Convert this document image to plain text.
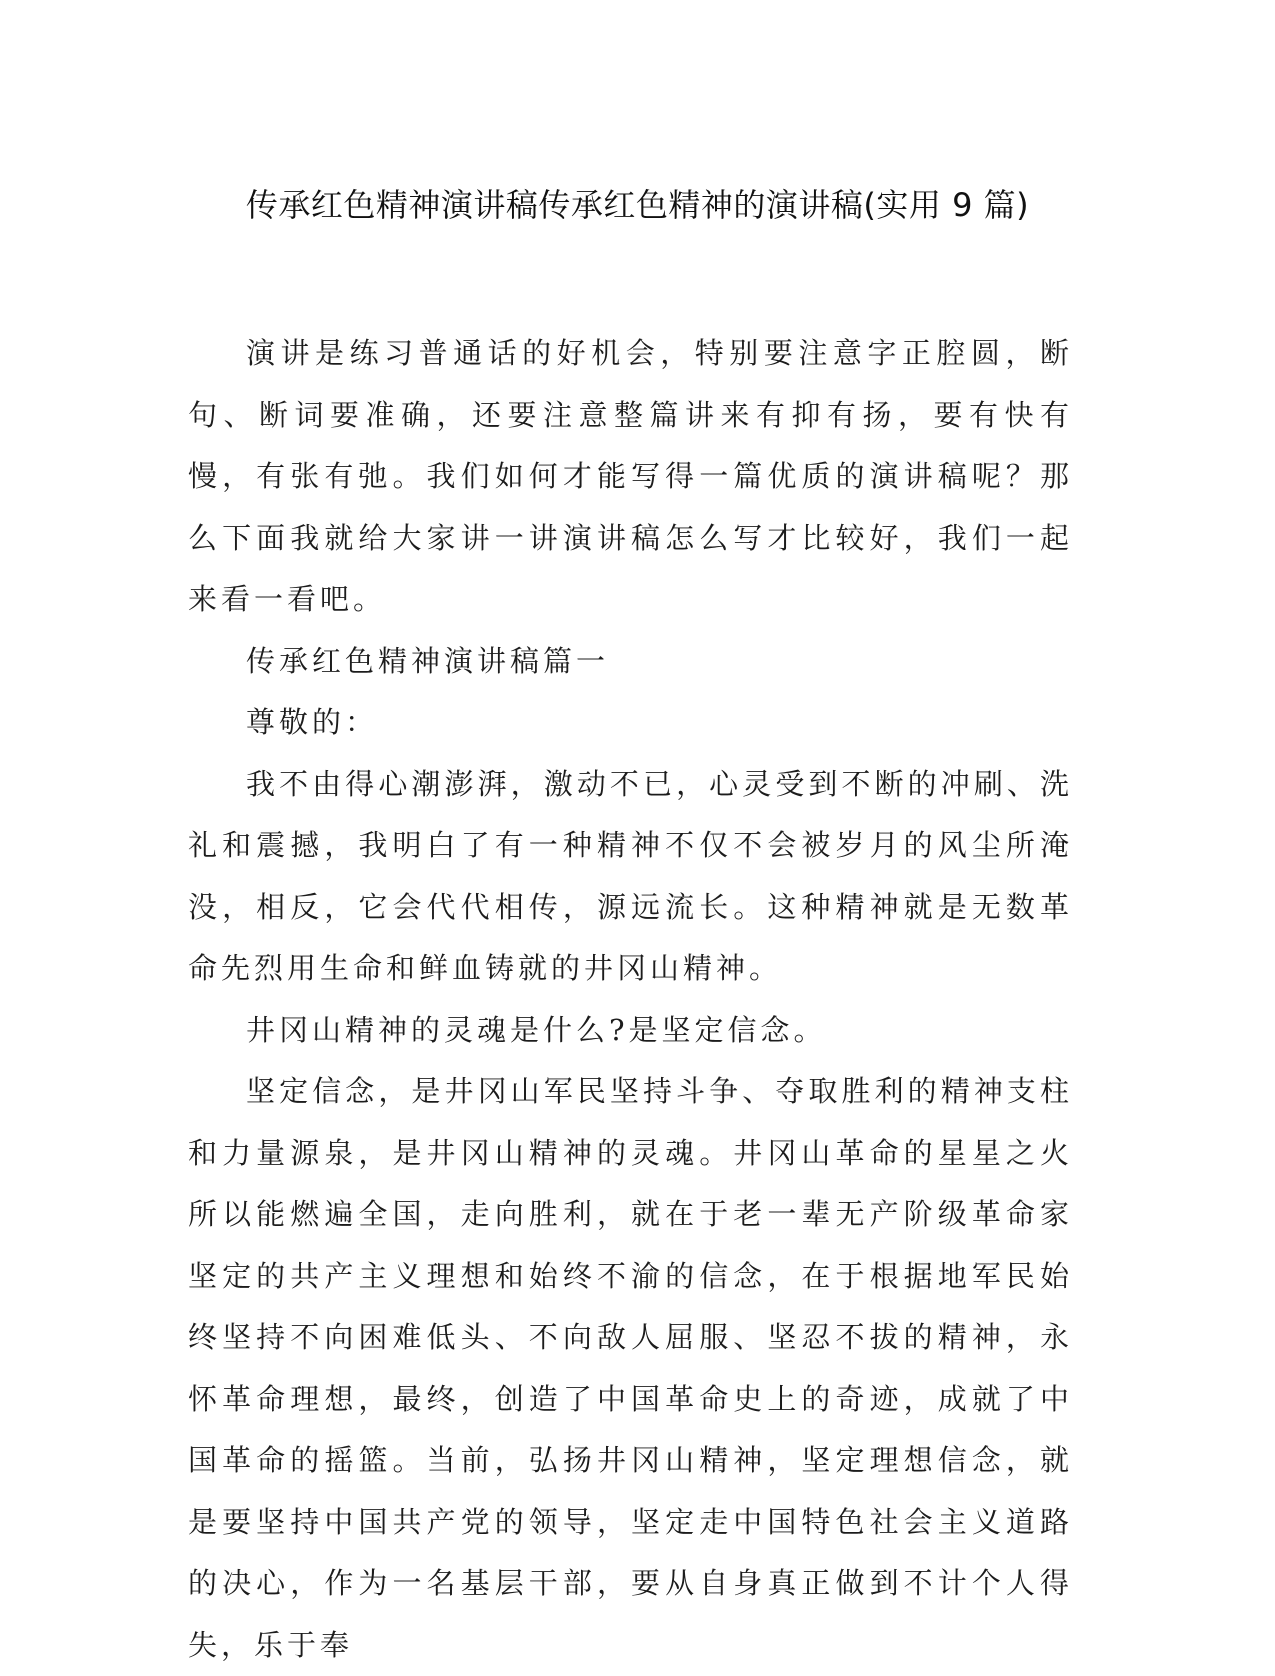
传承红色精神演讲稿传承红色精神的演讲稿(实用 9 篇)

演讲是练习普通话的好机会，特别要注意字正腔圆，断句、断词要准确，还要注意整篇讲来有抑有扬，要有快有慢，有张有弛。我们如何才能写得一篇优质的演讲稿呢？那么下面我就给大家讲一讲演讲稿怎么写才比较好，我们一起来看一看吧。

传承红色精神演讲稿篇一

尊敬的：

我不由得心潮澎湃，激动不已，心灵受到不断的冲刷、洗礼和震撼，我明白了有一种精神不仅不会被岁月的风尘所淹没，相反，它会代代相传，源远流长。这种精神就是无数革命先烈用生命和鲜血铸就的井冈山精神。

井冈山精神的灵魂是什么?是坚定信念。

坚定信念，是井冈山军民坚持斗争、夺取胜利的精神支柱和力量源泉，是井冈山精神的灵魂。井冈山革命的星星之火所以能燃遍全国，走向胜利，就在于老一辈无产阶级革命家坚定的共产主义理想和始终不渝的信念，在于根据地军民始终坚持不向困难低头、不向敌人屈服、坚忍不拔的精神，永怀革命理想，最终，创造了中国革命史上的奇迹，成就了中国革命的摇篮。当前，弘扬井冈山精神，坚定理想信念，就是要坚持中国共产党的领导，坚定走中国特色社会主义道路的决心，作为一名基层干部，要从自身真正做到不计个人得失，乐于奉
